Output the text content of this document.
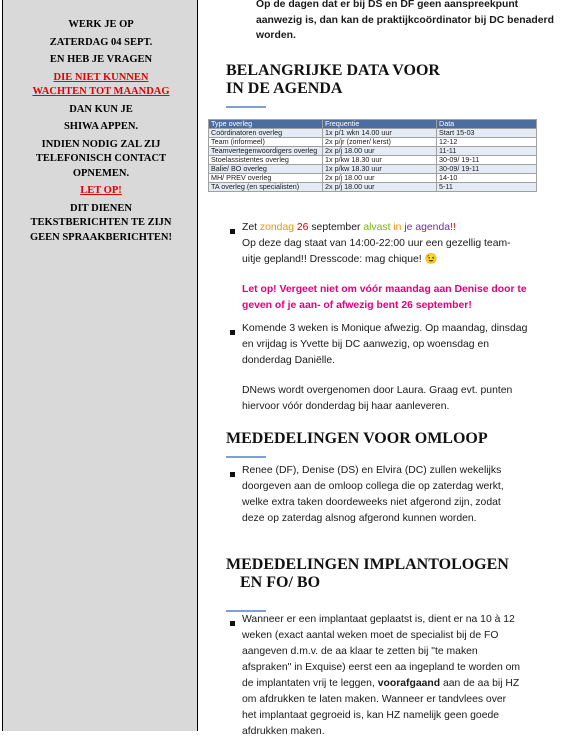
WERK JE OP
ZATERDAG 04 SEPT.
EN HEB JE VRAGEN
DIE NIET KUNNEN
WACHTEN TOT MAANDAG
DAN KUN JE
SHIWA APPEN.
INDIEN NODIG ZAL ZIJ
TELEFONISCH CONTACT
OPNEMEN.
LET OP!
DIT DIENEN
TEKSTBERICHTEN TE ZIJN
GEEN SPRAAKBERICHTEN!

Op de dagen dat er bij DS en DF geen aanspreekpunt aanwezig is, dan kan de praktijkcoördinator bij DC benaderd worden.

BELANGRIJKE DATA VOOR

IN DE AGENDA

Type overleg	Frequentie	Data
Coördinatoren overleg	1x p/1 wkn 14.00 uur	Start 15-03
Team (informeel)	2x p/jr (zomer/ kerst)	12-12
Teamvertegenwoordigers overleg	2x p/j 18.00 uur	11-11
Stoelassistentes overleg	1x p/kw 18.30 uur	30-09/ 19-11
Balie/ BO overleg	1x p/kw 18.30 uur	30-09/ 19-11
MH/ PREV overleg	2x p/j 18.00 uur	14-10
TA overleg (en specialisten)	2x p/j 18.00 uur	5-11

Zet zondag 26 september alvast in je agenda!!

Op deze dag staat van 14:00-22:00 uur een gezellig team-

uitje gepland!! Dresscode: mag chique! 😉

Let op! Vergeet niet om vóór maandag aan Denise door te

geven of je aan- of afwezig bent 26 september!

Komende 3 weken is Monique afwezig. Op maandag, dinsdag

en vrijdag is Yvette bij DC aanwezig, op woensdag en

donderdag Daniëlle.

DNews wordt overgenomen door Laura. Graag evt. punten

hiervoor vóór donderdag bij haar aanleveren.

MEDEDELINGEN VOOR OMLOOP

Renee (DF), Denise (DS) en Elvira (DC) zullen wekelijks

doorgeven aan de omloop collega die op zaterdag werkt,

welke extra taken doordeweeks niet afgerond zijn, zodat

deze op zaterdag alsnog afgerond kunnen worden.

MEDEDELINGEN IMPLANTOLOGEN

EN FO/ BO

Wanneer er een implantaat geplaatst is, dient er na 10 à 12

weken (exact aantal weken moet de specialist bij de FO

aangeven d.m.v. de aa klaar te zetten bij "te maken

afspraken" in Exquise) eerst een aa ingepland te worden om

de implantaten vrij te leggen, voorafgaand aan de aa bij HZ

om afdrukken te laten maken. Wanneer er tandvlees over

het implantaat gegroeid is, kan HZ namelijk geen goede

afdrukken maken.
